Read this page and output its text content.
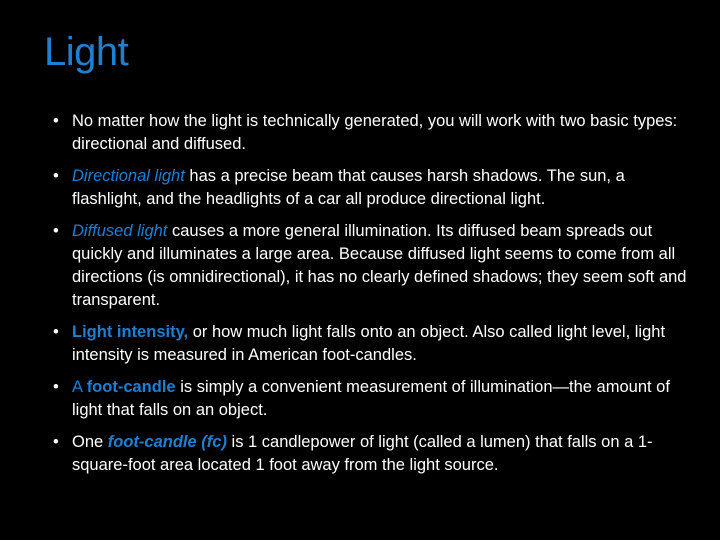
Light
• No matter how the light is technically generated, you will work with two basic types: directional and diffused.
• Directional light has a precise beam that causes harsh shadows. The sun, a flashlight, and the headlights of a car all produce directional light.
• Diffused light causes a more general illumination. Its diffused beam spreads out quickly and illuminates a large area. Because diffused light seems to come from all directions (is omnidirectional), it has no clearly defined shadows; they seem soft and transparent.
• Light intensity, or how much light falls onto an object. Also called light level, light intensity is measured in American foot-candles.
• A foot-candle is simply a convenient measurement of illumination—the amount of light that falls on an object.
• One foot-candle (fc) is 1 candlepower of light (called a lumen) that falls on a 1-square-foot area located 1 foot away from the light source.
